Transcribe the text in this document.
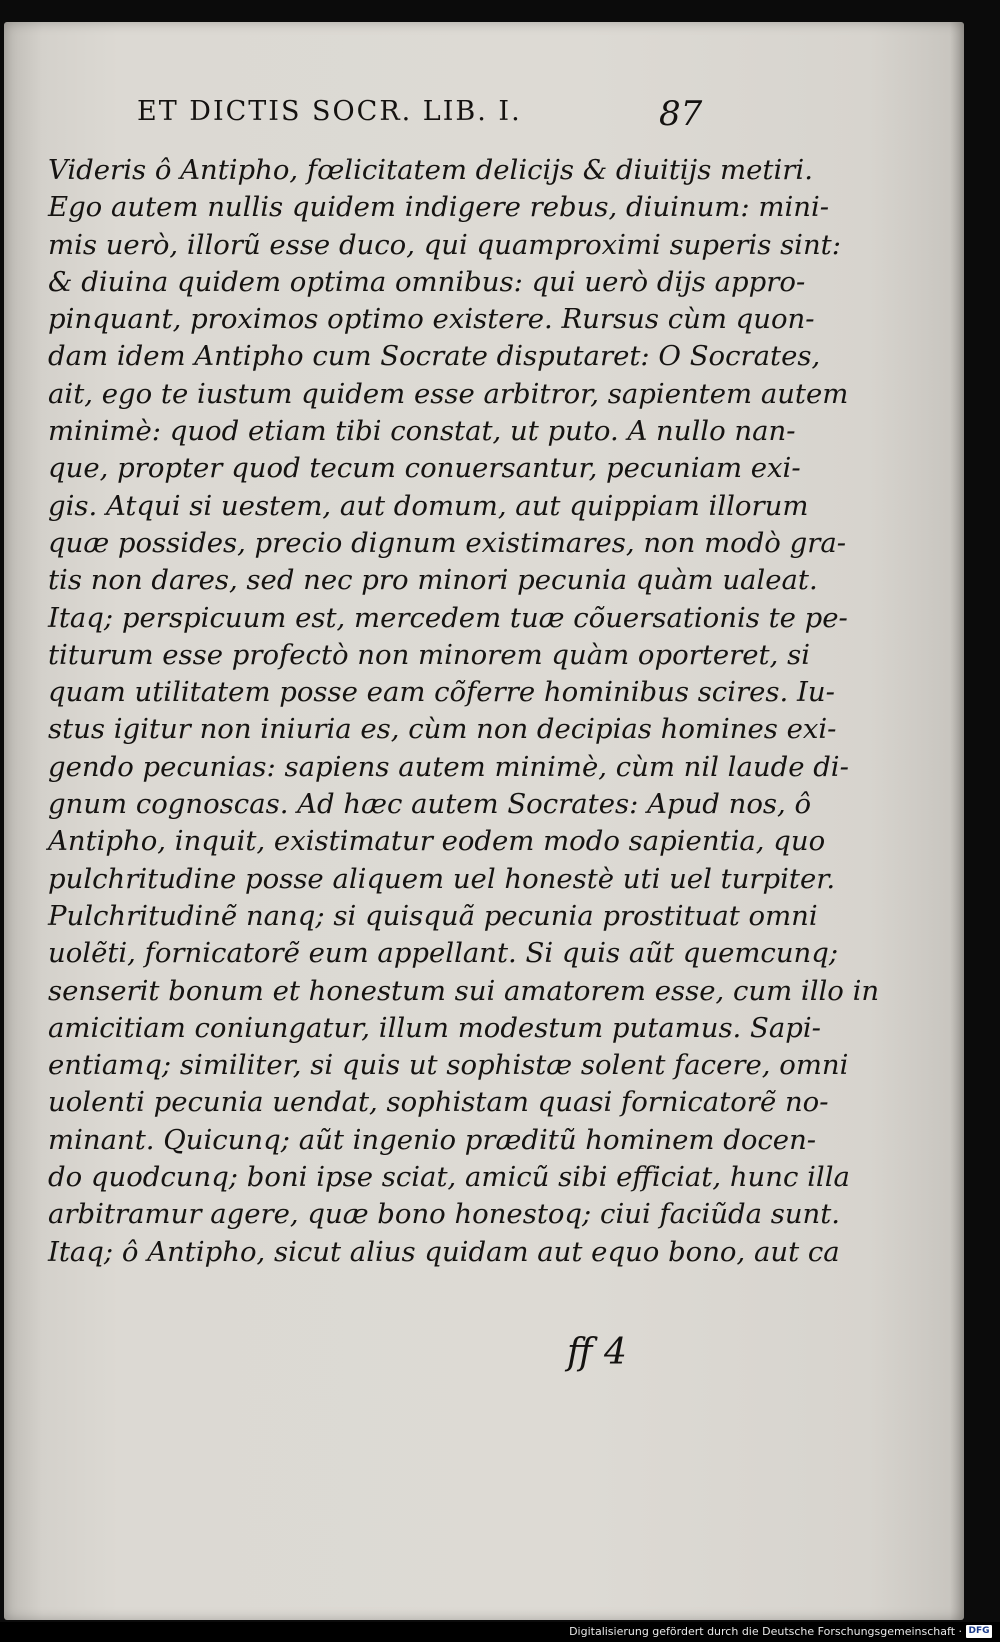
ET DICTIS SOCR. LIB. I.	87
Videris ô Antipho, fœlicitatem delicijs & diuitijs metiri.
Ego autem nullis quidem indigere rebus, diuinum: mini-
mis uerò, illorũ esse duco, qui quamproximi superis sint:
& diuina quidem optima omnibus: qui uerò dijs appro-
pinquant, proximos optimo existere. Rursus cùm quon-
dam idem Antipho cum Socrate disputaret: O Socrates,
ait, ego te iustum quidem esse arbitror, sapientem autem
minimè: quod etiam tibi constat, ut puto. A nullo nan-
que, propter quod tecum conuersantur, pecuniam exi-
gis. Atqui si uestem, aut domum, aut quippiam illorum
quæ possides, precio dignum existimares, non modò gra-
tis non dares, sed nec pro minori pecunia quàm ualeat.
Itaq; perspicuum est, mercedem tuæ cõuersationis te pe-
titurum esse profectò non minorem quàm oporteret, si
quam utilitatem posse eam cõferre hominibus scires. Iu-
stus igitur non iniuria es, cùm non decipias homines exi-
gendo pecunias: sapiens autem minimè, cùm nil laude di-
gnum cognoscas. Ad hæc autem Socrates: Apud nos, ô
Antipho, inquit, existimatur eodem modo sapientia, quo
pulchritudine posse aliquem uel honestè uti uel turpiter.
Pulchritudinẽ nanq; si quisquã pecunia prostituat omni
uolẽti, fornicatorẽ eum appellant. Si quis aũt quemcunq;
senserit bonum et honestum sui amatorem esse, cum illo in
amicitiam coniungatur, illum modestum putamus. Sapi-
entiamq; similiter, si quis ut sophistæ solent facere, omni
uolenti pecunia uendat, sophistam quasi fornicatorẽ no-
minant. Quicunq; aũt ingenio præditũ hominem docen-
do quodcunq; boni ipse sciat, amicũ sibi efficiat, hunc illa
arbitramur agere, quæ bono honestoq; ciui faciũda sunt.
Itaq; ô Antipho, sicut alius quidam aut equo bono, aut ca
ff 4
Digitalisierung gefördert durch die Deutsche Forschungsgemeinschaft · DFG
